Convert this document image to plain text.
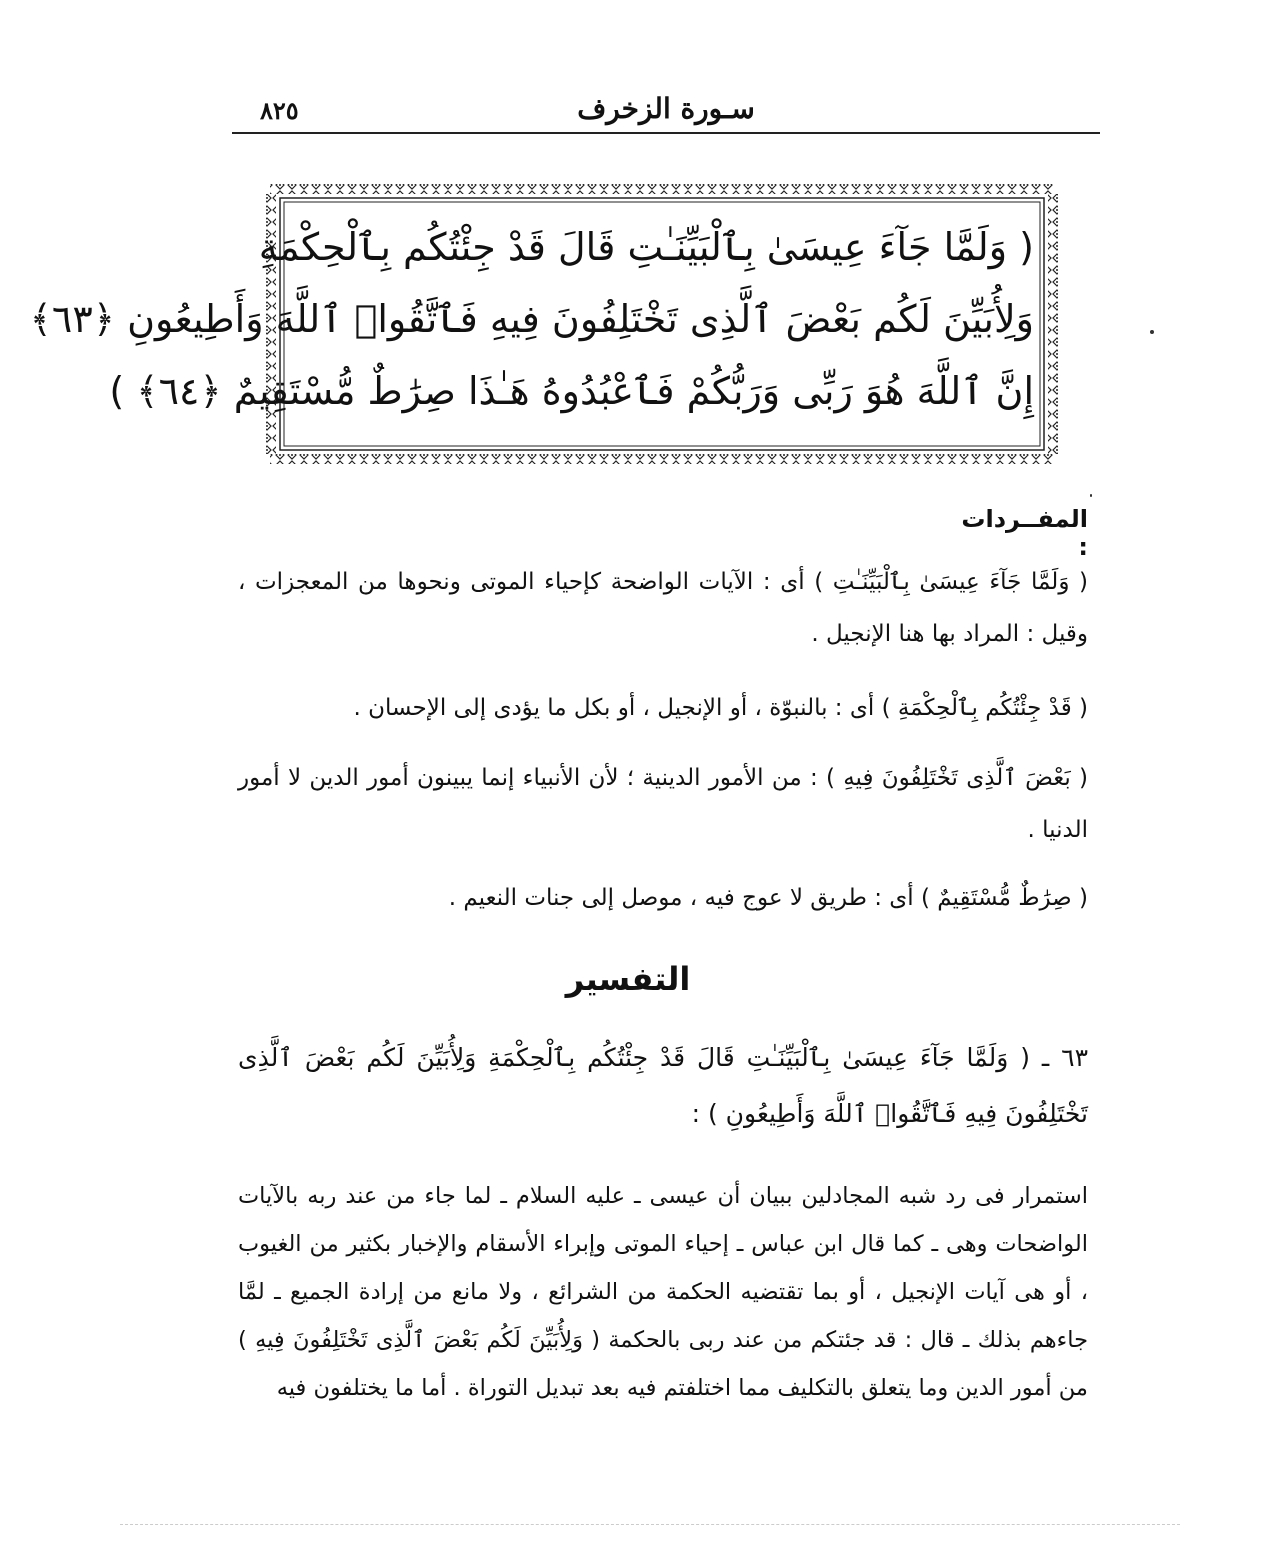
٨٢٥	سـورة الزخرف
( وَلَمَّا جَآءَ عِيسَىٰ بِٱلْبَيِّنَـٰتِ قَالَ قَدْ جِئْتُكُم بِٱلْحِكْمَةِ
وَلِأُبَيِّنَ لَكُم بَعْضَ ٱلَّذِى تَخْتَلِفُونَ فِيهِ فَٱتَّقُوا۟ ٱللَّهَ وَأَطِيعُونِ ﴿٦٣﴾
إِنَّ ٱللَّهَ هُوَ رَبِّى وَرَبُّكُمْ فَٱعْبُدُوهُ هَـٰذَا صِرَٰطٌ مُّسْتَقِيمٌ ﴿٦٤﴾ )
المفــردات :

( وَلَمَّا جَآءَ عِيسَىٰ بِٱلْبَيِّنَـٰتِ ) أى : الآيات الواضحة كإحياء الموتى ونحوها من المعجزات ، وقيل : المراد بها هنا الإنجيل .

( قَدْ جِئْتُكُم بِٱلْحِكْمَةِ ) أى : بالنبوّة ، أو الإنجيل ، أو بكل ما يؤدى إلى الإحسان .

( بَعْضَ ٱلَّذِى تَخْتَلِفُونَ فِيهِ ) : من الأمور الدينية ؛ لأن الأنبياء إنما يبينون أمور الدين لا أمور الدنيا .

( صِرَٰطٌ مُّسْتَقِيمٌ ) أى : طريق لا عوج فيه ، موصل إلى جنات النعيم .

التفسير

٦٣ ـ ( وَلَمَّا جَآءَ عِيسَىٰ بِٱلْبَيِّنَـٰتِ قَالَ قَدْ جِئْتُكُم بِٱلْحِكْمَةِ وَلِأُبَيِّنَ لَكُم بَعْضَ ٱلَّذِى تَخْتَلِفُونَ فِيهِ فَٱتَّقُوا۟ ٱللَّهَ وَأَطِيعُونِ ) :

استمرار فى رد شبه المجادلين ببيان أن عيسى ـ عليه السلام ـ لما جاء من عند ربه بالآيات الواضحات وهى ـ كما قال ابن عباس ـ إحياء الموتى وإبراء الأسقام والإخبار بكثير من الغيوب ، أو هى آيات الإنجيل ، أو بما تقتضيه الحكمة من الشرائع ، ولا مانع من إرادة الجميع ـ لمَّا جاءهم بذلك ـ قال : قد جئتكم من عند ربى بالحكمة ( وَلِأُبَيِّنَ لَكُم بَعْضَ ٱلَّذِى تَخْتَلِفُونَ فِيهِ ) من أمور الدين وما يتعلق بالتكليف مما اختلفتم فيه بعد تبديل التوراة . أما ما يختلفون فيه
